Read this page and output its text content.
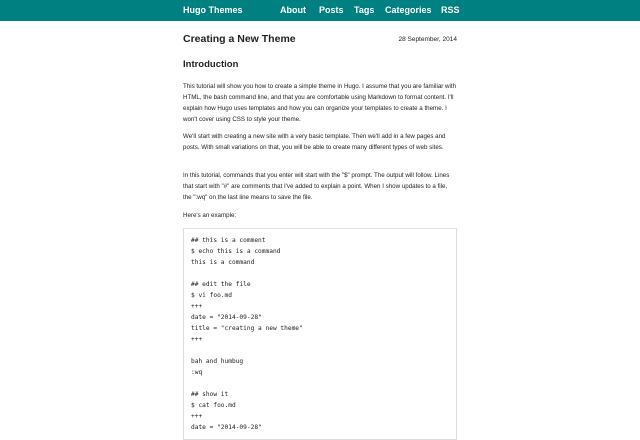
Hugo Themes	About Posts Tags Categories RSS
Creating a New Theme	28 September, 2014
Introduction

This tutorial will show you how to create a simple theme in Hugo. I assume that you are familiar with HTML, the bash command line, and that you are comfortable using Markdown to format content. I'll explain how Hugo uses templates and how you can organize your templates to create a theme. I won't cover using CSS to style your theme.

We'll start with creating a new site with a very basic template. Then we'll add in a few pages and posts. With small variations on that, you will be able to create many different types of web sites.

In this tutorial, commands that you enter will start with the "$" prompt. The output will follow. Lines that start with "#" are comments that I've added to explain a point. When I show updates to a file, the ":wq" on the last line means to save the file.

Here's an example:

## this is a comment
$ echo this is a command
this is a command
## edit the file
$ vi foo.md
+++
date = "2014-09-28"
title = "creating a new theme"
+++
bah and humbug
:wq
## show it
$ cat foo.md
+++
date = "2014-09-28"
